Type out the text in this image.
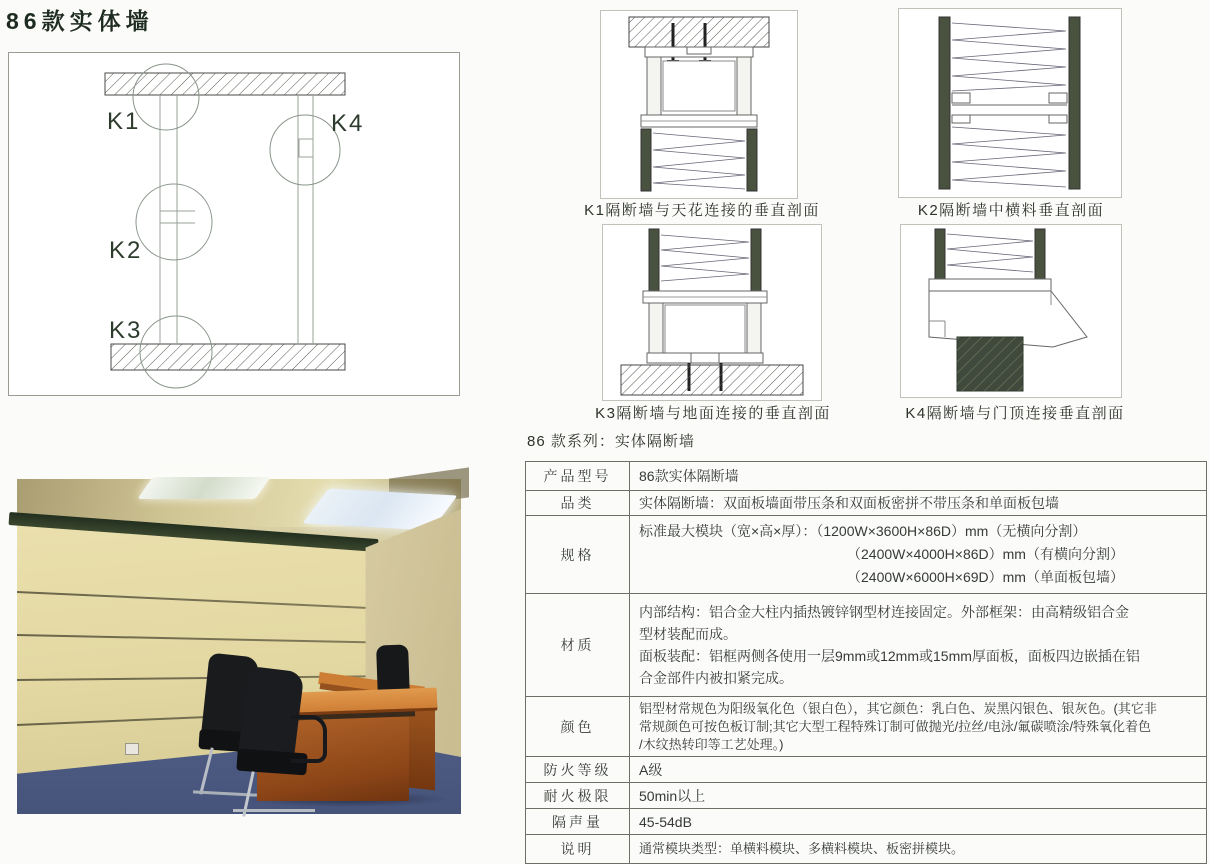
86款实体墙
K1
K2
K3
K4
K1隔断墙与天花连接的垂直剖面	K2隔断墙中横料垂直剖面
K3隔断墙与地面连接的垂直剖面	K4隔断墙与门顶连接垂直剖面
86 款系列：实体隔断墙
产品型号	86款实体隔断墙
品类	实体隔断墙：双面板墙面带压条和双面板密拼不带压条和单面板包墙
规格	标准最大模块（宽×高×厚）：（1200W×3600H×86D）mm（无横向分割）
（2400W×4000H×86D）mm（有横向分割）
（2400W×6000H×69D）mm（单面板包墙）

材质	内部结构：铝合金大柱内插热镀锌钢型材连接固定。外部框架：由高精级铝合金
型材装配而成。
面板装配：铝框两侧各使用一层9mm或12mm或15mm厚面板，面板四边嵌插在铝
合金部件内被扣紧完成。

颜色	铝型材常规色为阳级氧化色（银白色），其它颜色：乳白色、炭黑闪银色、银灰色。(其它非
常规颜色可按色板订制;其它大型工程特殊订制可做抛光/拉丝/电泳/氟碳喷涂/特殊氧化着色
/木纹热转印等工艺处理。)

防火等级	A级
耐火极限	50min以上
隔声量	45-54dB
说明	通常模块类型：单横料模块、多横料模块、板密拼模块。
